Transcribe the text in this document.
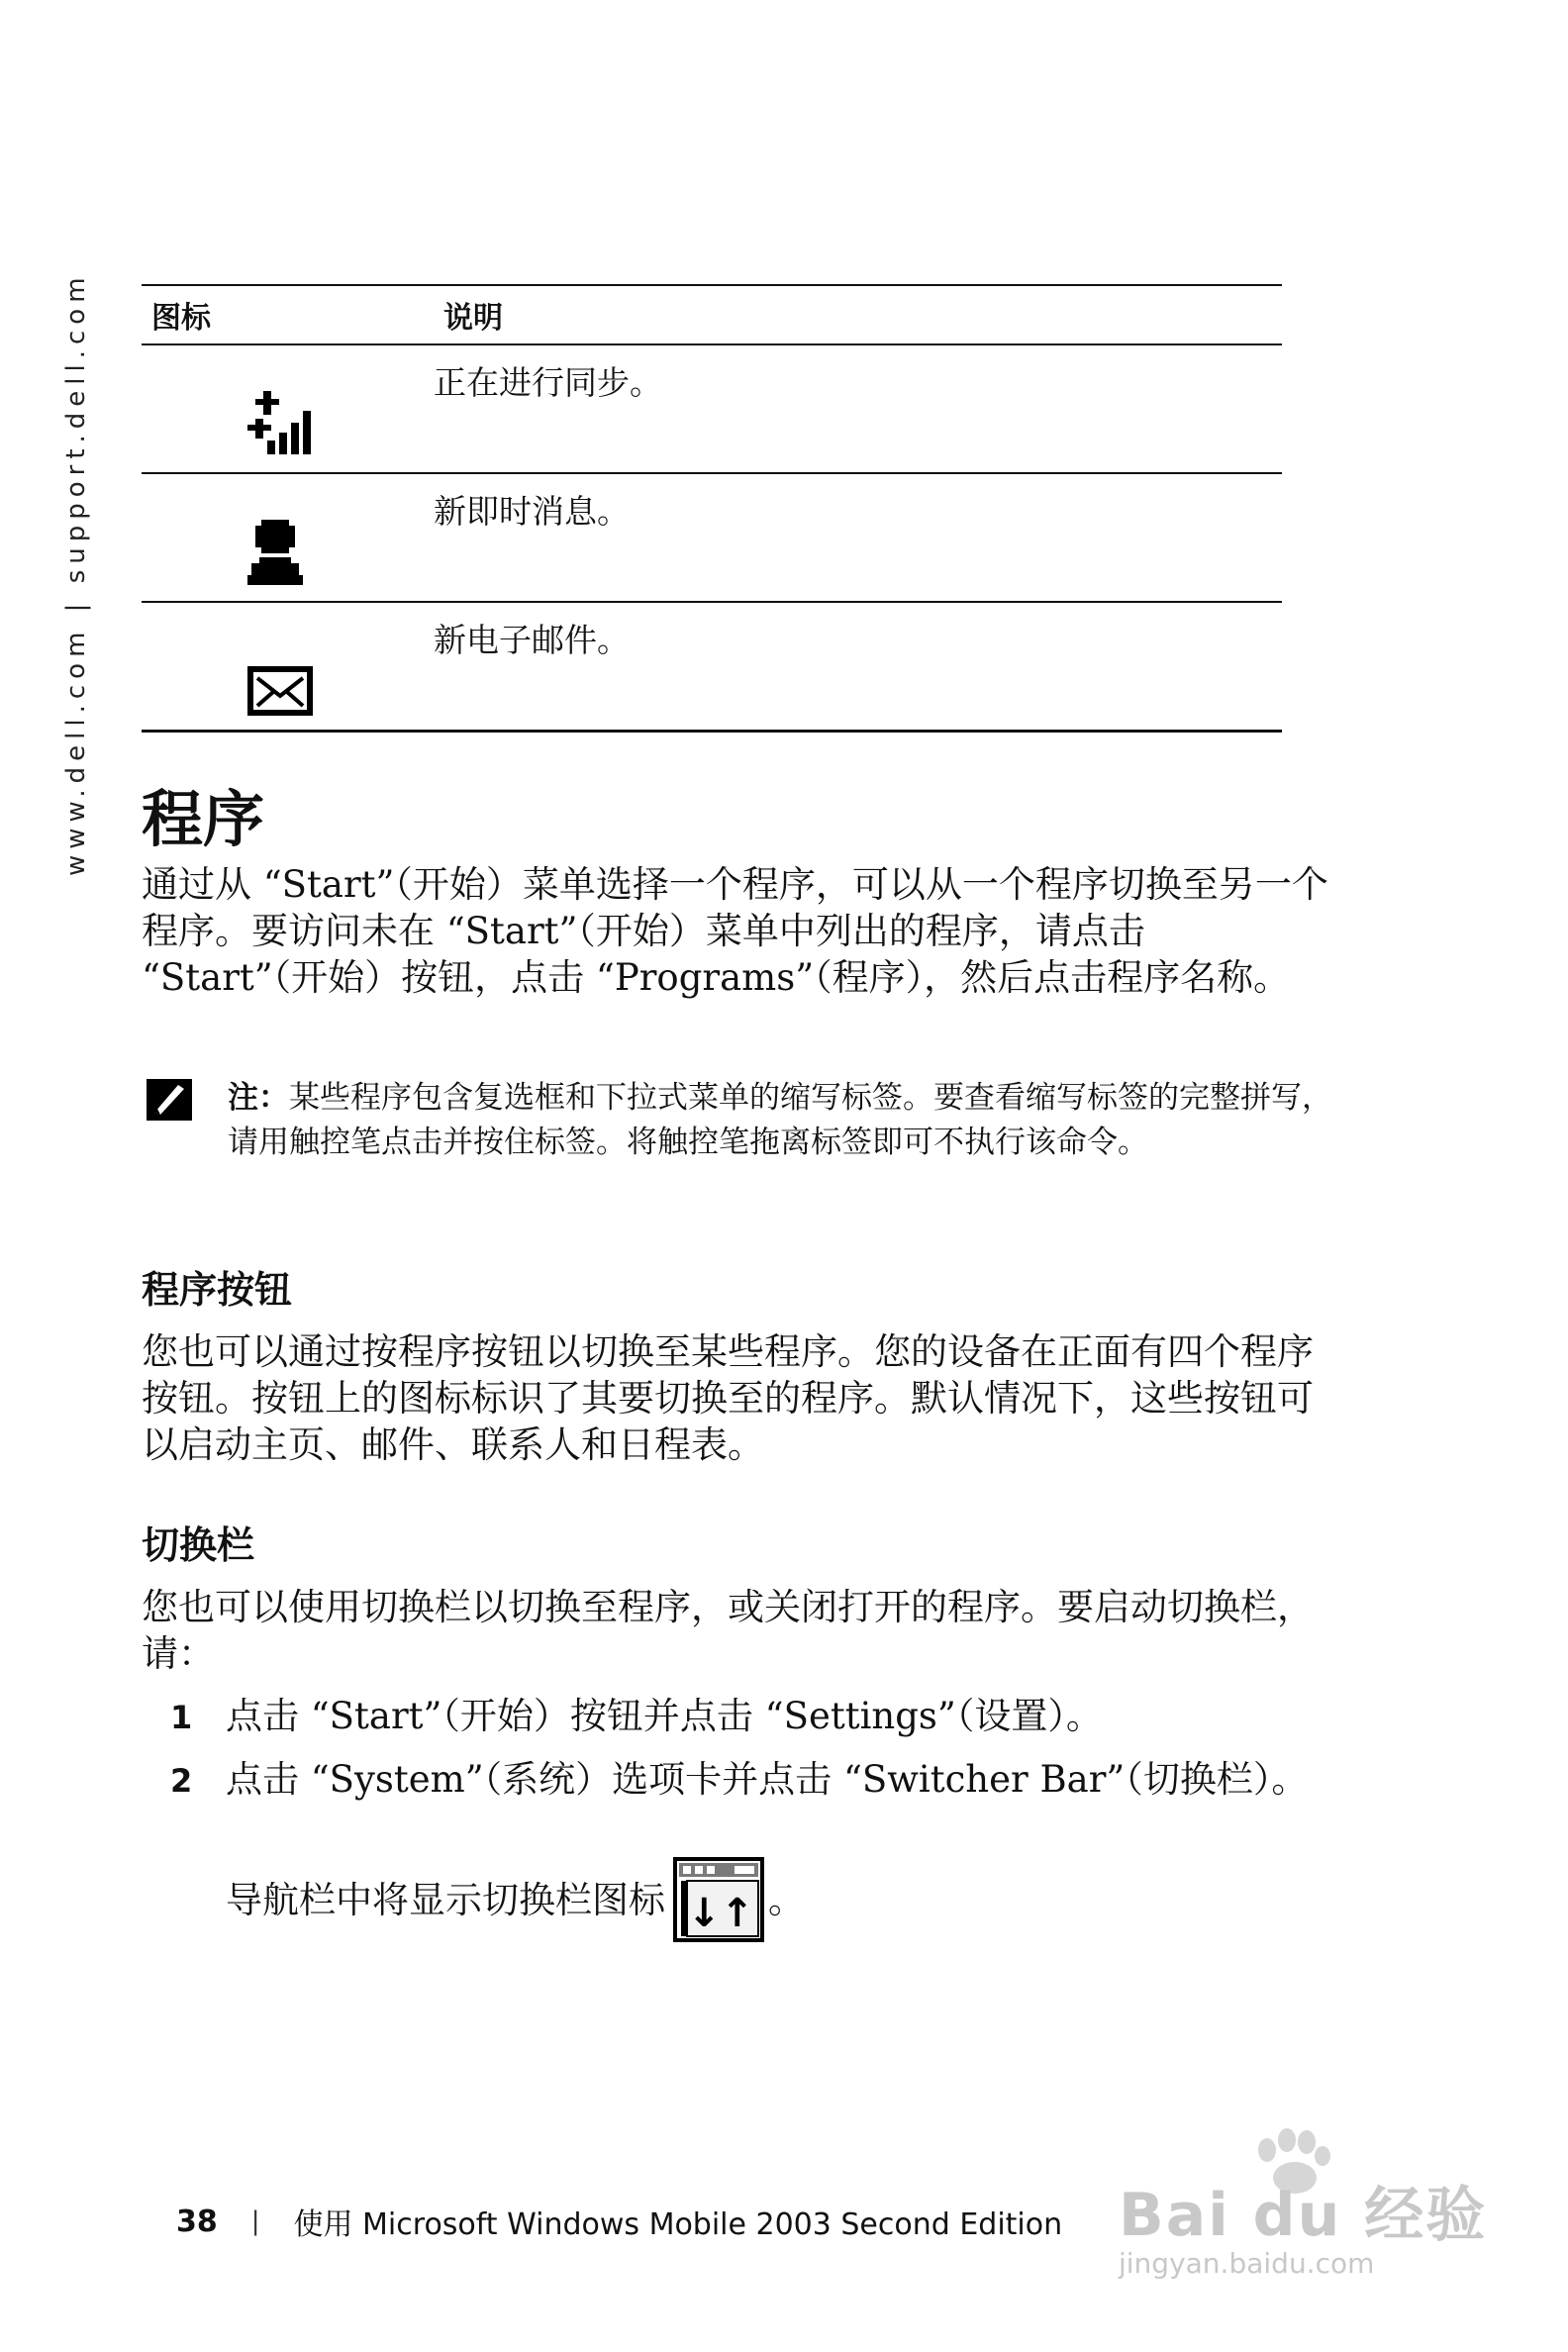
www.dell.com | support.dell.com 图标	说明

	正在进行同步。

	新即时消息。

	新电子邮件。
程序

通过从 “Start”（开始）菜单选择一个程序，可以从一个程序切换至另一个程序。要访问未在 “Start”（开始）菜单中列出的程序，请点击 “Start”（开始）按钮，点击 “Programs”（程序），然后点击程序名称。

注：某些程序包含复选框和下拉式菜单的缩写标签。要查看缩写标签的完整拼写，请用触控笔点击并按住标签。将触控笔拖离标签即可不执行该命令。

程序按钮

您也可以通过按程序按钮以切换至某些程序。您的设备在正面有四个程序按钮。按钮上的图标标识了其要切换至的程序。默认情况下，这些按钮可以启动主页、邮件、联系人和日程表。

切换栏

您也可以使用切换栏以切换至程序，或关闭打开的程序。要启动切换栏，请：

1 点击 “Start”（开始）按钮并点击 “Settings”（设置）。

2 点击 “System”（系统）选项卡并点击 “Switcher Bar”（切换栏）。

导航栏中将显示切换栏图标 ↓↑ 。
38 | 使用 Microsoft Windows Mobile 2003 Second Edition Bai du 经验
jingyan.baidu.com
